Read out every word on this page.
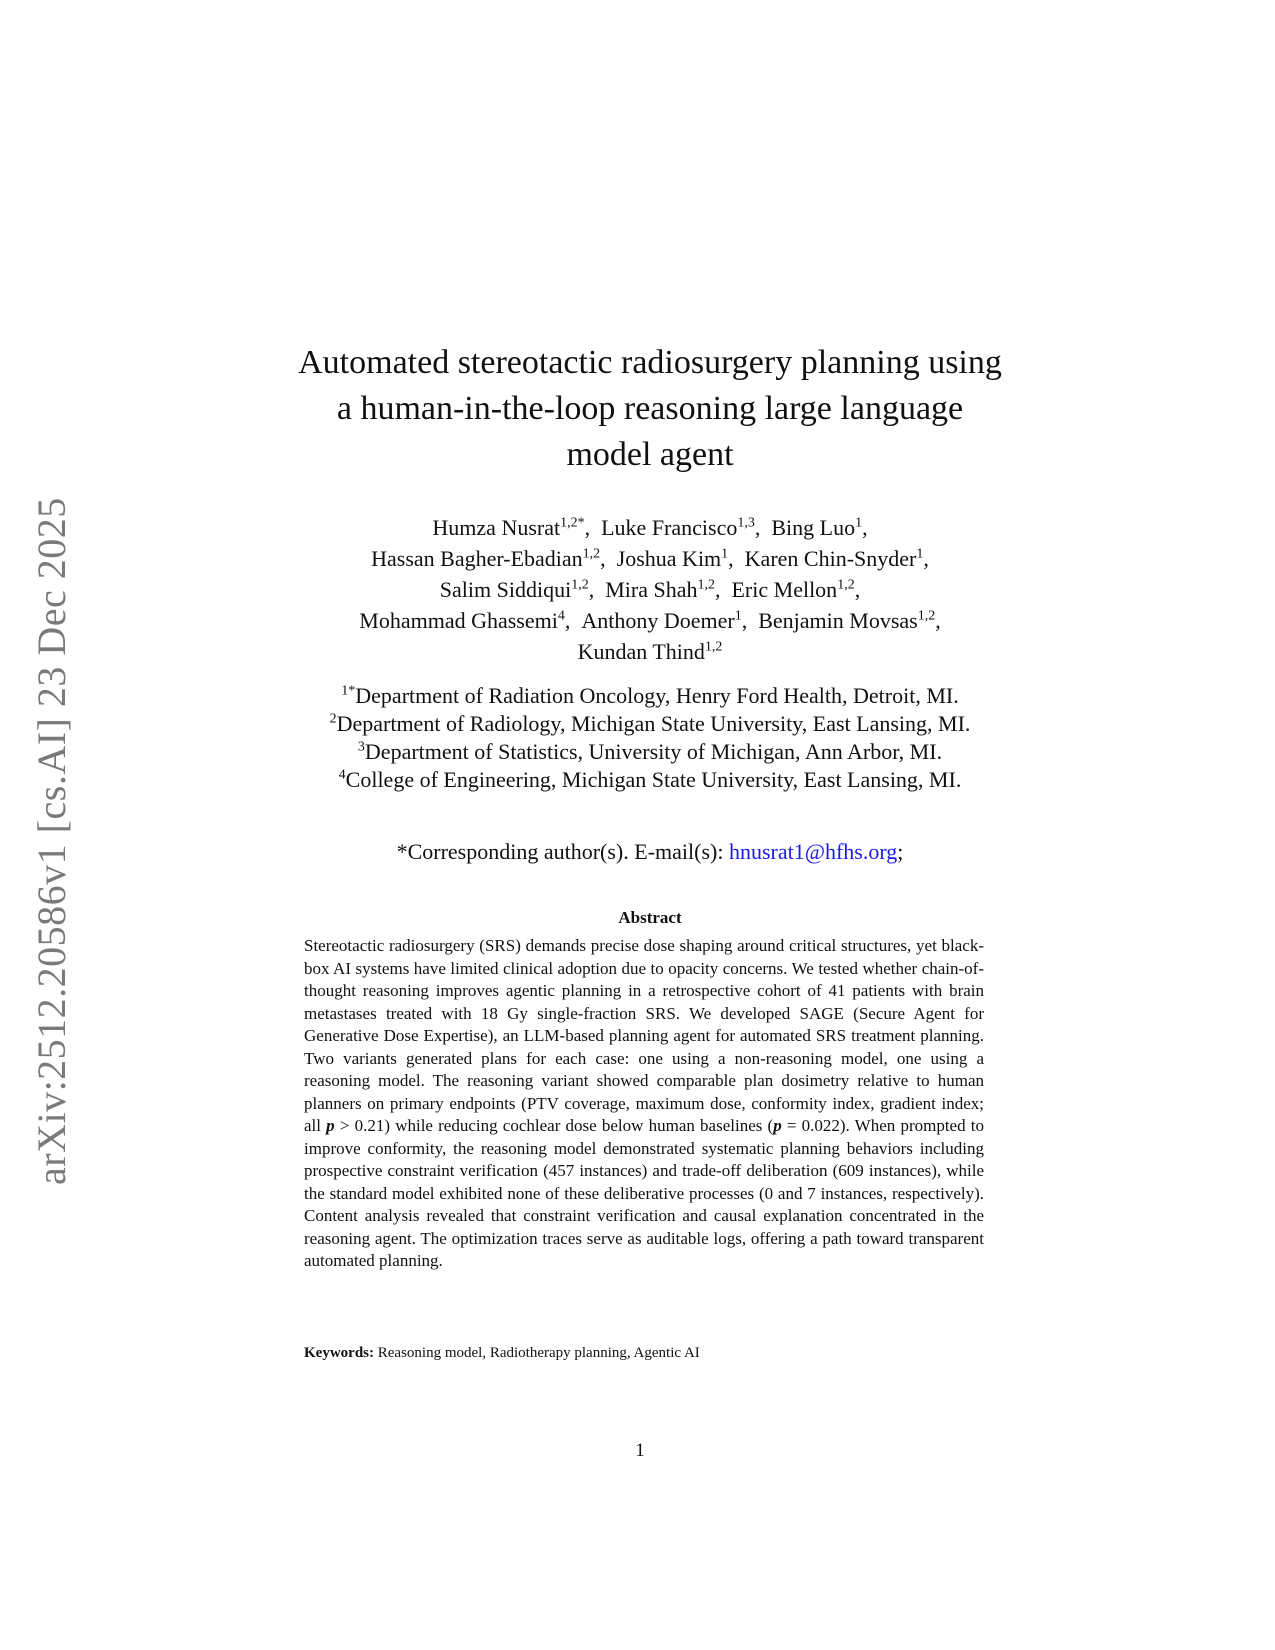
arXiv:2512.20586v1 [cs.AI] 23 Dec 2025
Automated stereotactic radiosurgery planning using
a human-in-the-loop reasoning large language
model agent
Humza Nusrat$^{1,2*}$, Luke Francisco$^{1,3}$, Bing Luo$^1$,
Hassan Bagher-Ebadian$^{1,2}$, Joshua Kim$^1$, Karen Chin-Snyder$^1$,
Salim Siddiqui$^{1,2}$, Mira Shah$^{1,2}$, Eric Mellon$^{1,2}$,
Mohammad Ghassemi$^4$, Anthony Doemer$^1$, Benjamin Movsas$^{1,2}$,
Kundan Thind$^{1,2}$
$^{1*}$Department of Radiation Oncology, Henry Ford Health, Detroit, MI.
$^2$Department of Radiology, Michigan State University, East Lansing, MI.
$^3$Department of Statistics, University of Michigan, Ann Arbor, MI.
$^4$College of Engineering, Michigan State University, East Lansing, MI.
*Corresponding author(s). E-mail(s): hnusrat1@hfhs.org;
Abstract

Stereotactic radiosurgery (SRS) demands precise dose shaping around critical structures, yet black-box AI systems have limited clinical adoption due to opacity concerns. We tested whether chain-of-thought reasoning improves agentic planning in a retrospective cohort of 41 patients with brain metastases treated with 18 Gy single-fraction SRS. We developed SAGE (Secure Agent for Generative Dose Expertise), an LLM-based planning agent for automated SRS treatment planning. Two variants generated plans for each case: one using a non-reasoning model, one using a reasoning model. The reasoning variant showed comparable plan dosimetry relative to human planners on primary endpoints (PTV coverage, maximum dose, conformity index, gradient index; all p > 0.21) while reducing cochlear dose below human baselines (p = 0.022). When prompted to improve conformity, the reasoning model demonstrated systematic planning behaviors including prospective constraint verification (457 instances) and trade-off deliberation (609 instances), while the standard model exhibited none of these deliberative processes (0 and 7 instances, respectively). Content analysis revealed that constraint verification and causal explanation concentrated in the reasoning agent. The optimization traces serve as auditable logs, offering a path toward transparent automated planning.

Keywords: Reasoning model, Radiotherapy planning, Agentic AI
1
